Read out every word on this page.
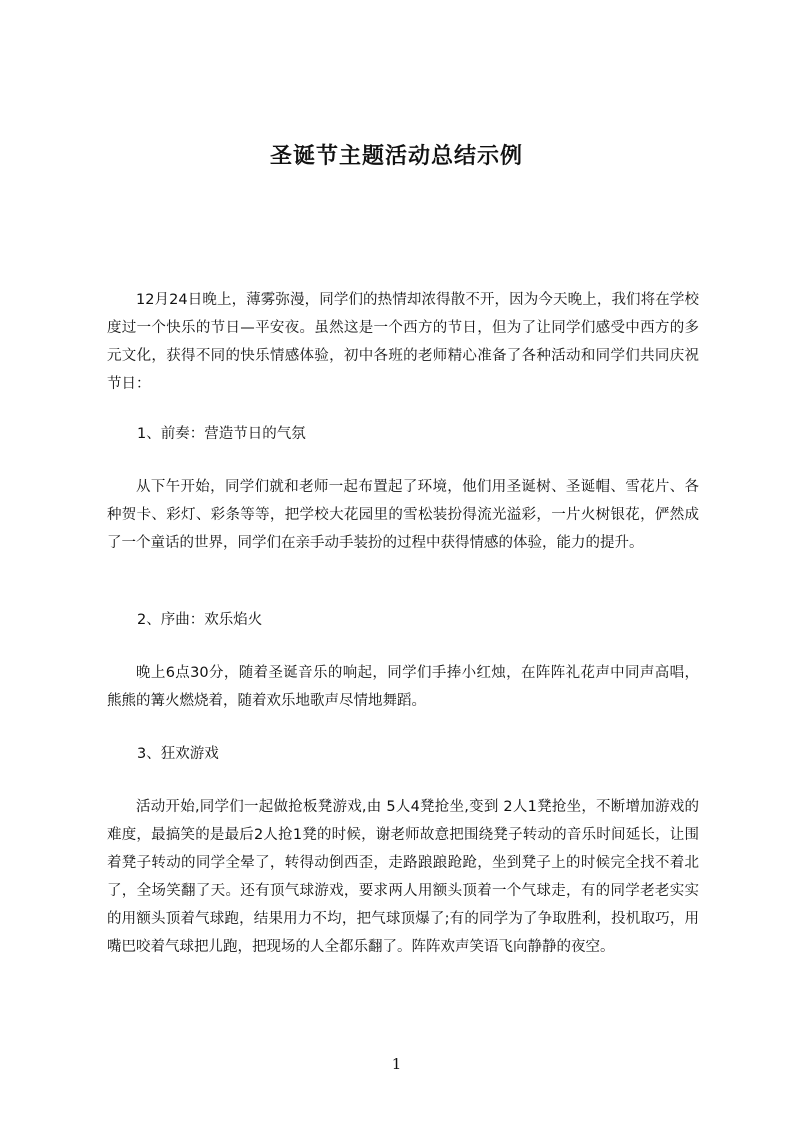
圣诞节主题活动总结示例

12月24日晚上，薄雾弥漫，同学们的热情却浓得散不开，因为今天晚上，我们将在学校度过一个快乐的节日—平安夜。虽然这是一个西方的节日，但为了让同学们感受中西方的多元文化，获得不同的快乐情感体验，初中各班的老师精心准备了各种活动和同学们共同庆祝节日：

1、前奏：营造节日的气氛

从下午开始，同学们就和老师一起布置起了环境，他们用圣诞树、圣诞帽、雪花片、各种贺卡、彩灯、彩条等等，把学校大花园里的雪松装扮得流光溢彩，一片火树银花，俨然成了一个童话的世界，同学们在亲手动手装扮的过程中获得情感的体验，能力的提升。

2、序曲：欢乐焰火

晚上6点30分，随着圣诞音乐的响起，同学们手捧小红烛，在阵阵礼花声中同声高唱，熊熊的篝火燃烧着，随着欢乐地歌声尽情地舞蹈。

3、狂欢游戏

活动开始,同学们一起做抢板凳游戏,由 5人4凳抢坐,变到 2人1凳抢坐，不断增加游戏的难度，最搞笑的是最后2人抢1凳的时候，谢老师故意把围绕凳子转动的音乐时间延长，让围着凳子转动的同学全晕了，转得动倒西歪，走路踉踉跄跄，坐到凳子上的时候完全找不着北了，全场笑翻了天。还有顶气球游戏，要求两人用额头顶着一个气球走，有的同学老老实实的用额头顶着气球跑，结果用力不均，把气球顶爆了;有的同学为了争取胜利，投机取巧，用嘴巴咬着气球把儿跑，把现场的人全都乐翻了。阵阵欢声笑语飞向静静的夜空。

1
